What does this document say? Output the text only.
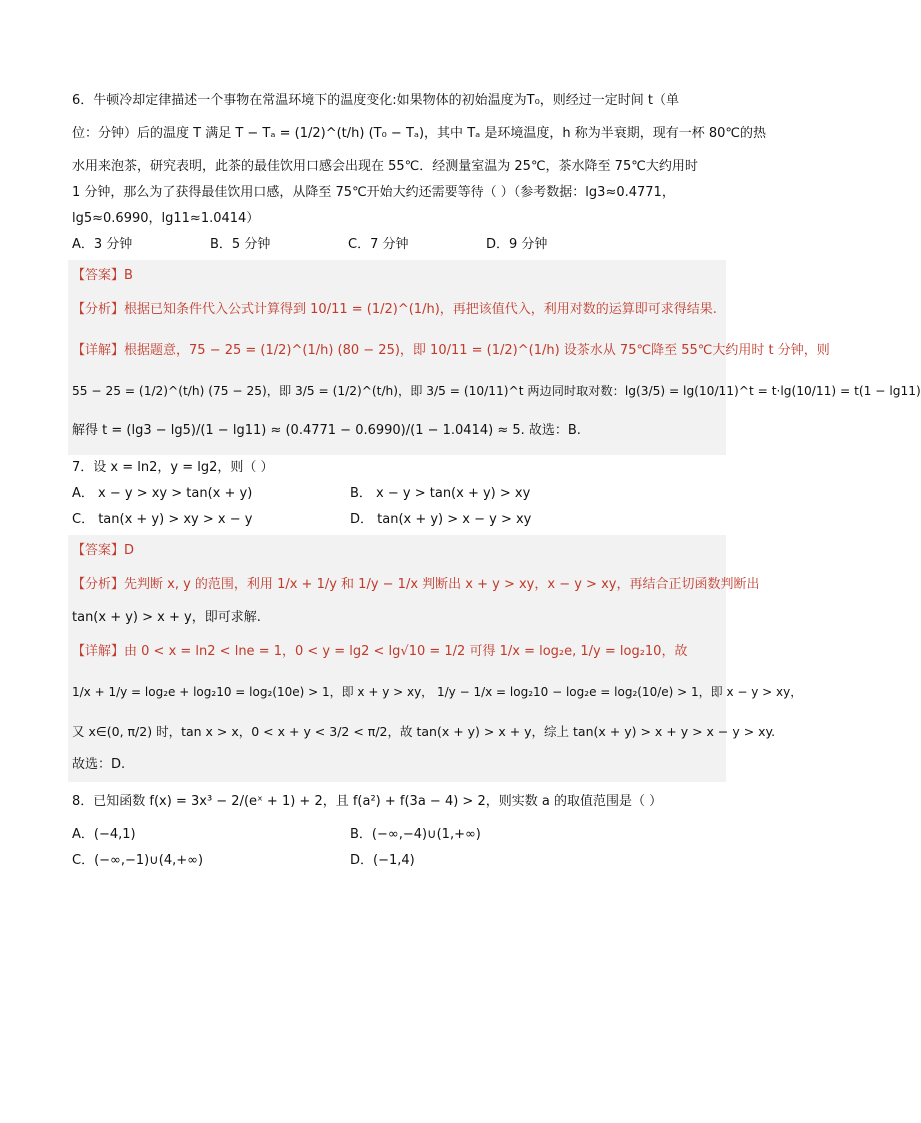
6．牛顿冷却定律描述一个事物在常温环境下的温度变化:如果物体的初始温度为T₀，则经过一定时间 t（单
位：分钟）后的温度 T 满足 T − Tₐ = (1/2)^(t/h) (T₀ − Tₐ)，其中 Tₐ 是环境温度，h 称为半衰期，现有一杯 80℃的热
水用来泡茶，研究表明，此茶的最佳饮用口感会出现在 55℃．经测量室温为 25℃，茶水降至 75℃大约用时
1 分钟，那么为了获得最佳饮用口感，从降至 75℃开始大约还需要等待（ ）（参考数据：lg3≈0.4771，
lg5≈0.6990，lg11≈1.0414）
A．3 分钟	B．5 分钟	C．7 分钟	D．9 分钟
【答案】B
【分析】根据已知条件代入公式计算得到 10/11 = (1/2)^(1/h)，再把该值代入，利用对数的运算即可求得结果.
【详解】根据题意，75 − 25 = (1/2)^(1/h) (80 − 25)，即 10/11 = (1/2)^(1/h) 设茶水从 75℃降至 55℃大约用时 t 分钟，则
55 − 25 = (1/2)^(t/h) (75 − 25)，即 3/5 = (1/2)^(t/h)，即 3/5 = (10/11)^t 两边同时取对数：lg(3/5) = lg(10/11)^t = t·lg(10/11) = t(1 − lg11)
解得 t = (lg3 − lg5)/(1 − lg11) ≈ (0.4771 − 0.6990)/(1 − 1.0414) ≈ 5. 故选：B.
7．设 x = ln2，y = lg2，则（ ）
A． x − y > xy > tan(x + y)	B． x − y > tan(x + y) > xy
C． tan(x + y) > xy > x − y	D． tan(x + y) > x − y > xy
【答案】D
【分析】先判断 x, y 的范围，利用 1/x + 1/y 和 1/y − 1/x 判断出 x + y > xy，x − y > xy，再结合正切函数判断出
tan(x + y) > x + y，即可求解.
【详解】由 0 < x = ln2 < lne = 1，0 < y = lg2 < lg√10 = 1/2 可得 1/x = log₂e, 1/y = log₂10，故
1/x + 1/y = log₂e + log₂10 = log₂(10e) > 1，即 x + y > xy， 1/y − 1/x = log₂10 − log₂e = log₂(10/e) > 1，即 x − y > xy，
又 x∈(0, π/2) 时，tan x > x，0 < x + y < 3/2 < π/2，故 tan(x + y) > x + y，综上 tan(x + y) > x + y > x − y > xy.
故选：D.
8．已知函数 f(x) = 3x³ − 2/(eˣ + 1) + 2，且 f(a²) + f(3a − 4) > 2，则实数 a 的取值范围是（ ）
A．(−4,1)	B．(−∞,−4)∪(1,+∞)
C．(−∞,−1)∪(4,+∞)	D．(−1,4)
